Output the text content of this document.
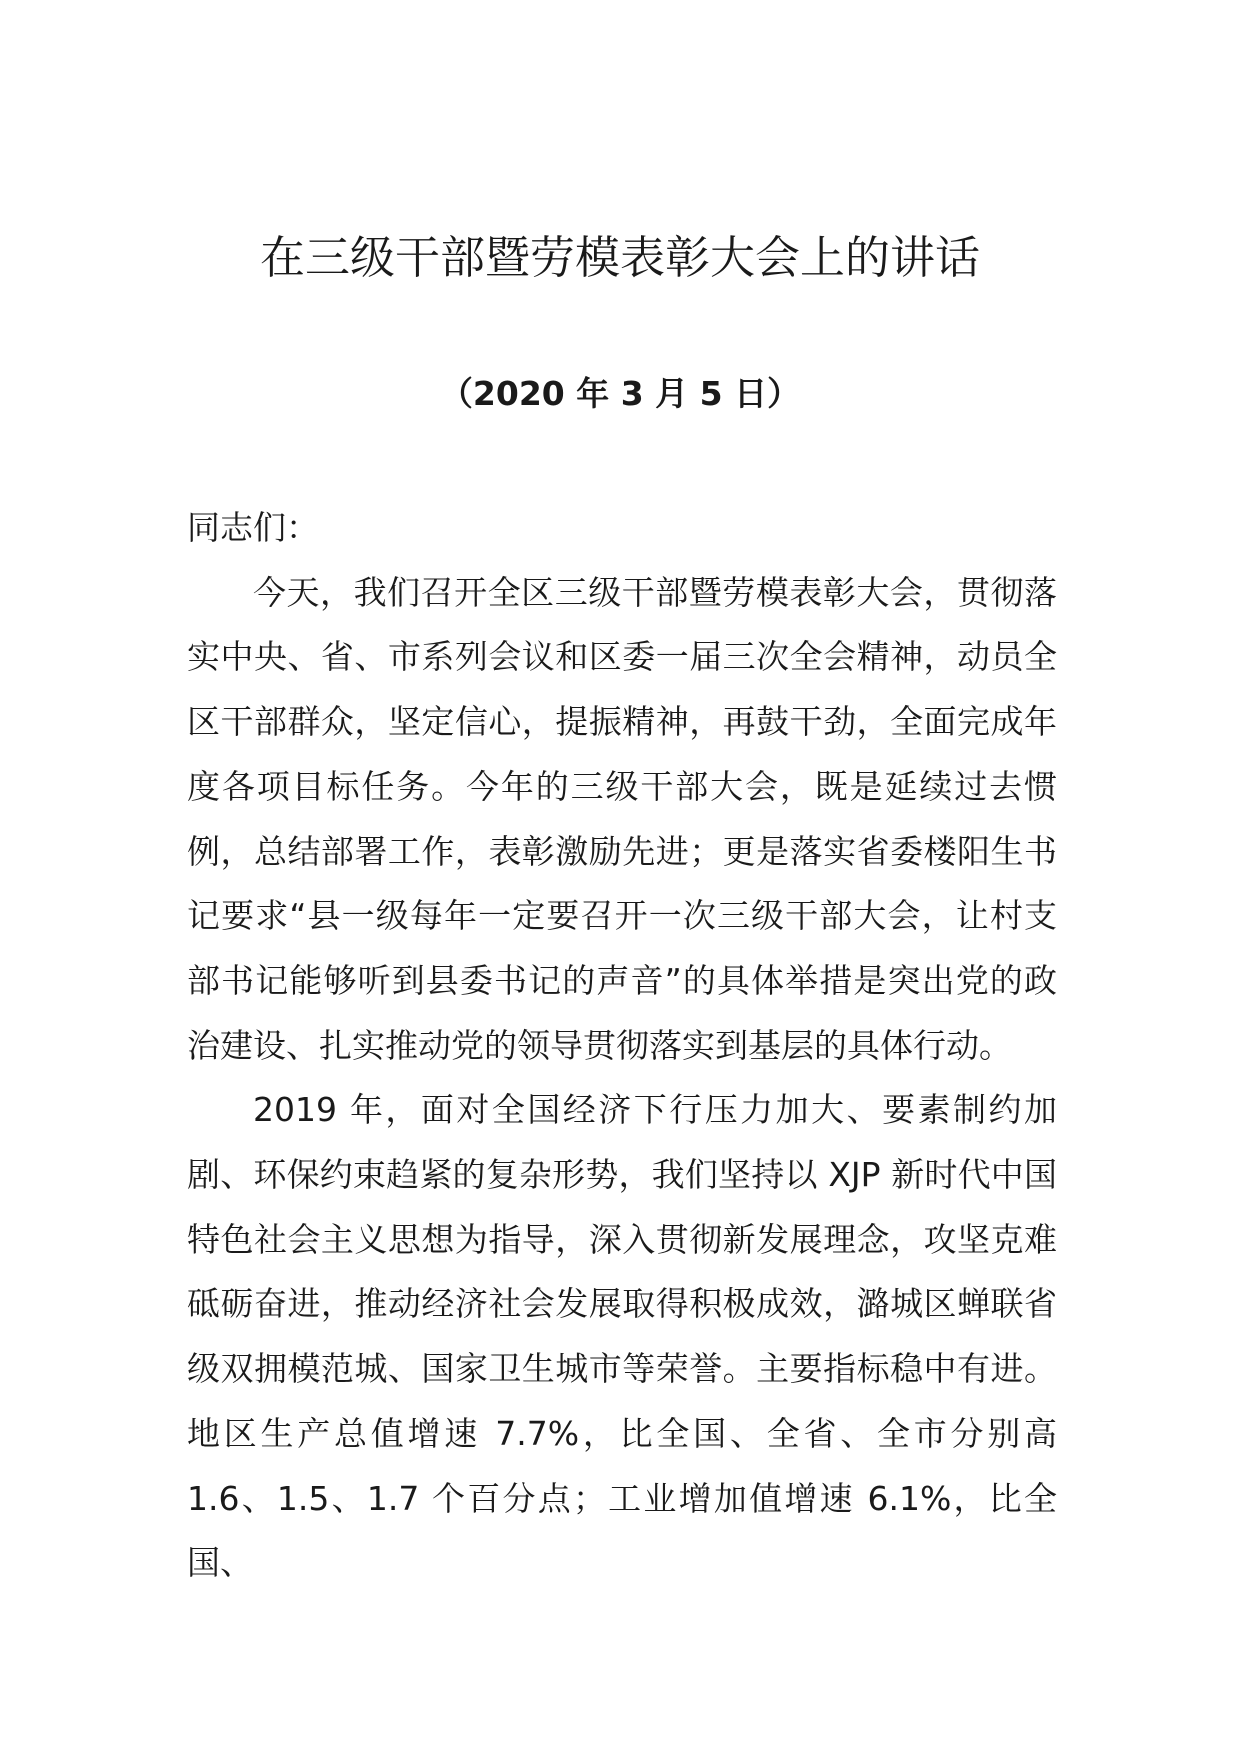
在三级干部暨劳模表彰大会上的讲话
（2020 年 3 月 5 日）

同志们：

今天，我们召开全区三级干部暨劳模表彰大会，贯彻落实中央、省、市系列会议和区委一届三次全会精神，动员全区干部群众，坚定信心，提振精神，再鼓干劲，全面完成年度各项目标任务。今年的三级干部大会，既是延续过去惯例，总结部署工作，表彰激励先进；更是落实省委楼阳生书记要求“县一级每年一定要召开一次三级干部大会，让村支部书记能够听到县委书记的声音”的具体举措是突出党的政治建设、扎实推动党的领导贯彻落实到基层的具体行动。

2019 年，面对全国经济下行压力加大、要素制约加剧、环保约束趋紧的复杂形势，我们坚持以 XJP 新时代中国特色社会主义思想为指导，深入贯彻新发展理念，攻坚克难砥砺奋进，推动经济社会发展取得积极成效，潞城区蝉联省级双拥模范城、国家卫生城市等荣誉。主要指标稳中有进。地区生产总值增速 7.7%，比全国、全省、全市分别高 1.6、1.5、1.7 个百分点；工业增加值增速 6.1%，比全国、
